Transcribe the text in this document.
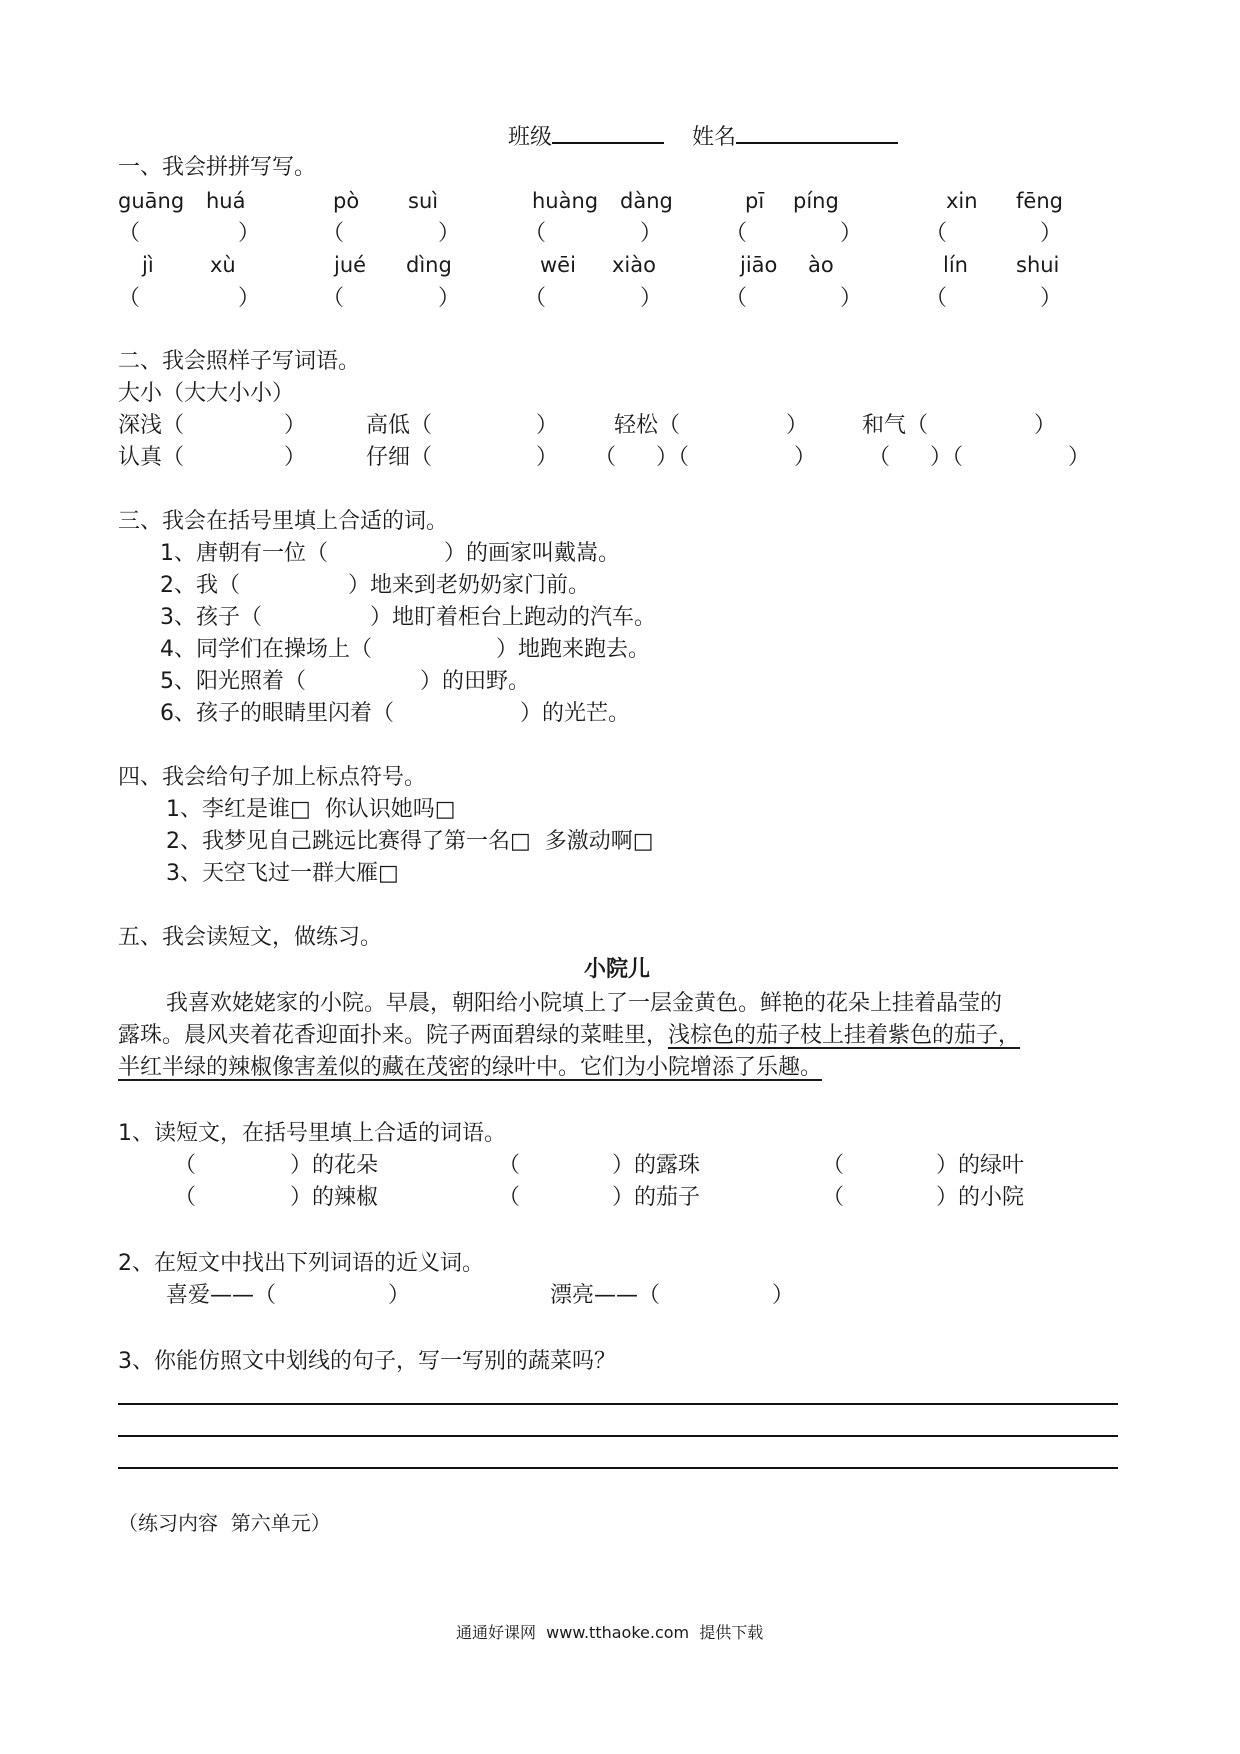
班级	姓名
一、我会拼拼写写。
guāng huá	pò suì	huàng dàng	pī píng	xin fēng
（	）	（	）	（	）	（	）	（	）
jì	xù	jué dìng	wēi xiào	jiāo ào	lín shui
（	）	（	）	（	）	（	）	（	）
二、我会照样子写词语。
大小（大大小小）
深浅（	）	高低（	）	轻松（	） 和气（	）
认真（	）	仔细（	） （ ）（	） （ ）（	）
三、我会在括号里填上合适的词。
1、唐朝有一位（	）的画家叫戴嵩。
2、我（	）地来到老奶奶家门前。
3、孩子（	）地盯着柜台上跑动的汽车。
4、同学们在操场上（	）地跑来跑去。
5、阳光照着（	）的田野。
6、孩子的眼睛里闪着（	）的光芒。
四、我会给句子加上标点符号。
1、李红是谁□  你认识她吗□
2、我梦见自己跳远比赛得了第一名□  多激动啊□
3、天空飞过一群大雁□
五、我会读短文，做练习。
小院儿
我喜欢姥姥家的小院。早晨，朝阳给小院填上了一层金黄色。鲜艳的花朵上挂着晶莹的
露珠。晨风夹着花香迎面扑来。院子两面碧绿的菜畦里，浅棕色的茄子枝上挂着紫色的茄子，
半红半绿的辣椒像害羞似的藏在茂密的绿叶中。它们为小院增添了乐趣。
1、读短文，在括号里填上合适的词语。
（	）的花朵	（	）的露珠	（	）的绿叶
（	）的辣椒	（	）的茄子	（	）的小院
2、在短文中找出下列词语的近义词。
喜爱——（	）	漂亮——（	）
3、你能仿照文中划线的句子，写一写别的蔬菜吗？
（练习内容  第六单元）
通通好课网  www.tthaoke.com  提供下载
